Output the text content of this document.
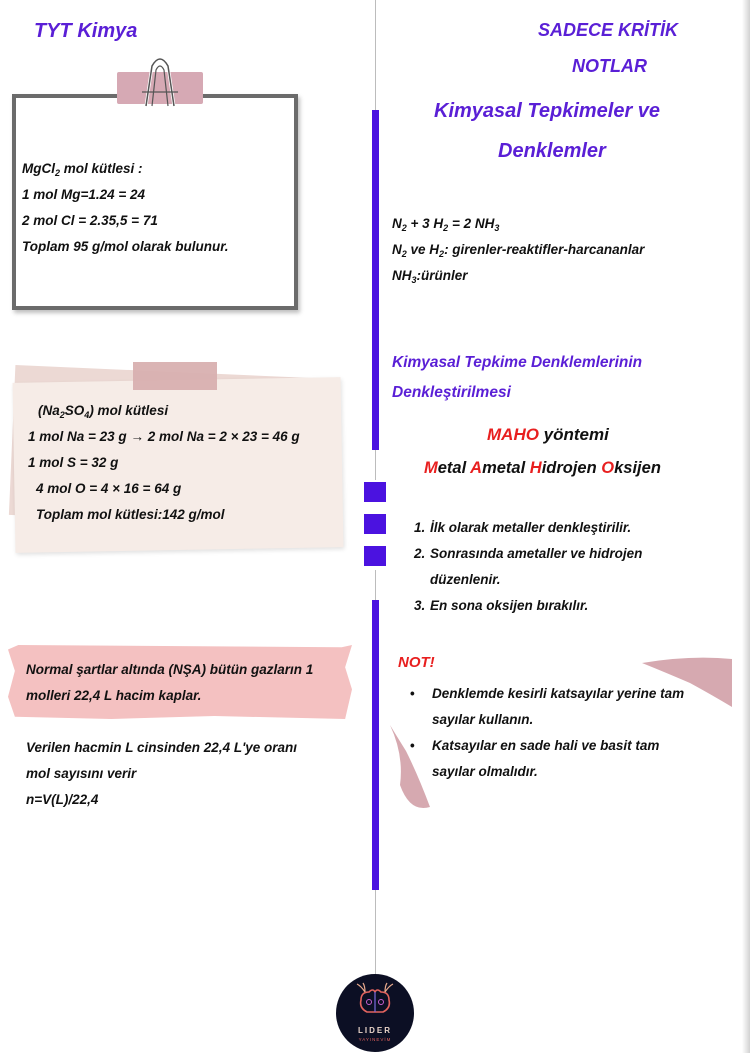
TYT Kimya	SADECE KRİTİK
NOTLAR
MgCl$_2$ mol kütlesi :
1 mol Mg=1.24 = 24
2 mol Cl = 2.35,5 = 71
Toplam 95 g/mol olarak bulunur.
$(Na_2SO_4)$ mol kütlesi
1 mol Na = 23 g → 2 mol Na = 2 × 23 = 46 g
1 mol S = 32 g
4 mol O = 4 × 16 = 64 g
Toplam mol kütlesi:142 g/mol
Normal şartlar altında (NŞA) bütün gazların 1
molleri 22,4 L hacim kaplar.
Verilen hacmin L cinsinden 22,4 L'ye oranı
mol sayısını verir
n=V(L)/22,4
Kimyasal Tepkimeler ve
Denklemler
$N_2 + 3$ $H_2 = 2$ $NH_3$
$N_2$ ve $H_2$: girenler-reaktifler-harcananlar
$NH_3:ürünler$
Kimyasal Tepkime Denklemlerinin
Denkleştirilmesi
MAHO yöntemi
Metal Ametal Hidrojen Oksijen
1. İlk olarak metaller denkleştirilir.
2. Sonrasında ametaller ve hidrojen
düzenlenir.
3. En sona oksijen bırakılır.
NOT!
• Denklemde kesirli katsayılar yerine tam
sayılar kullanın.
• Katsayılar en sade hali ve basit tam
sayılar olmalıdır.
LIDER
YAYINEVİM
